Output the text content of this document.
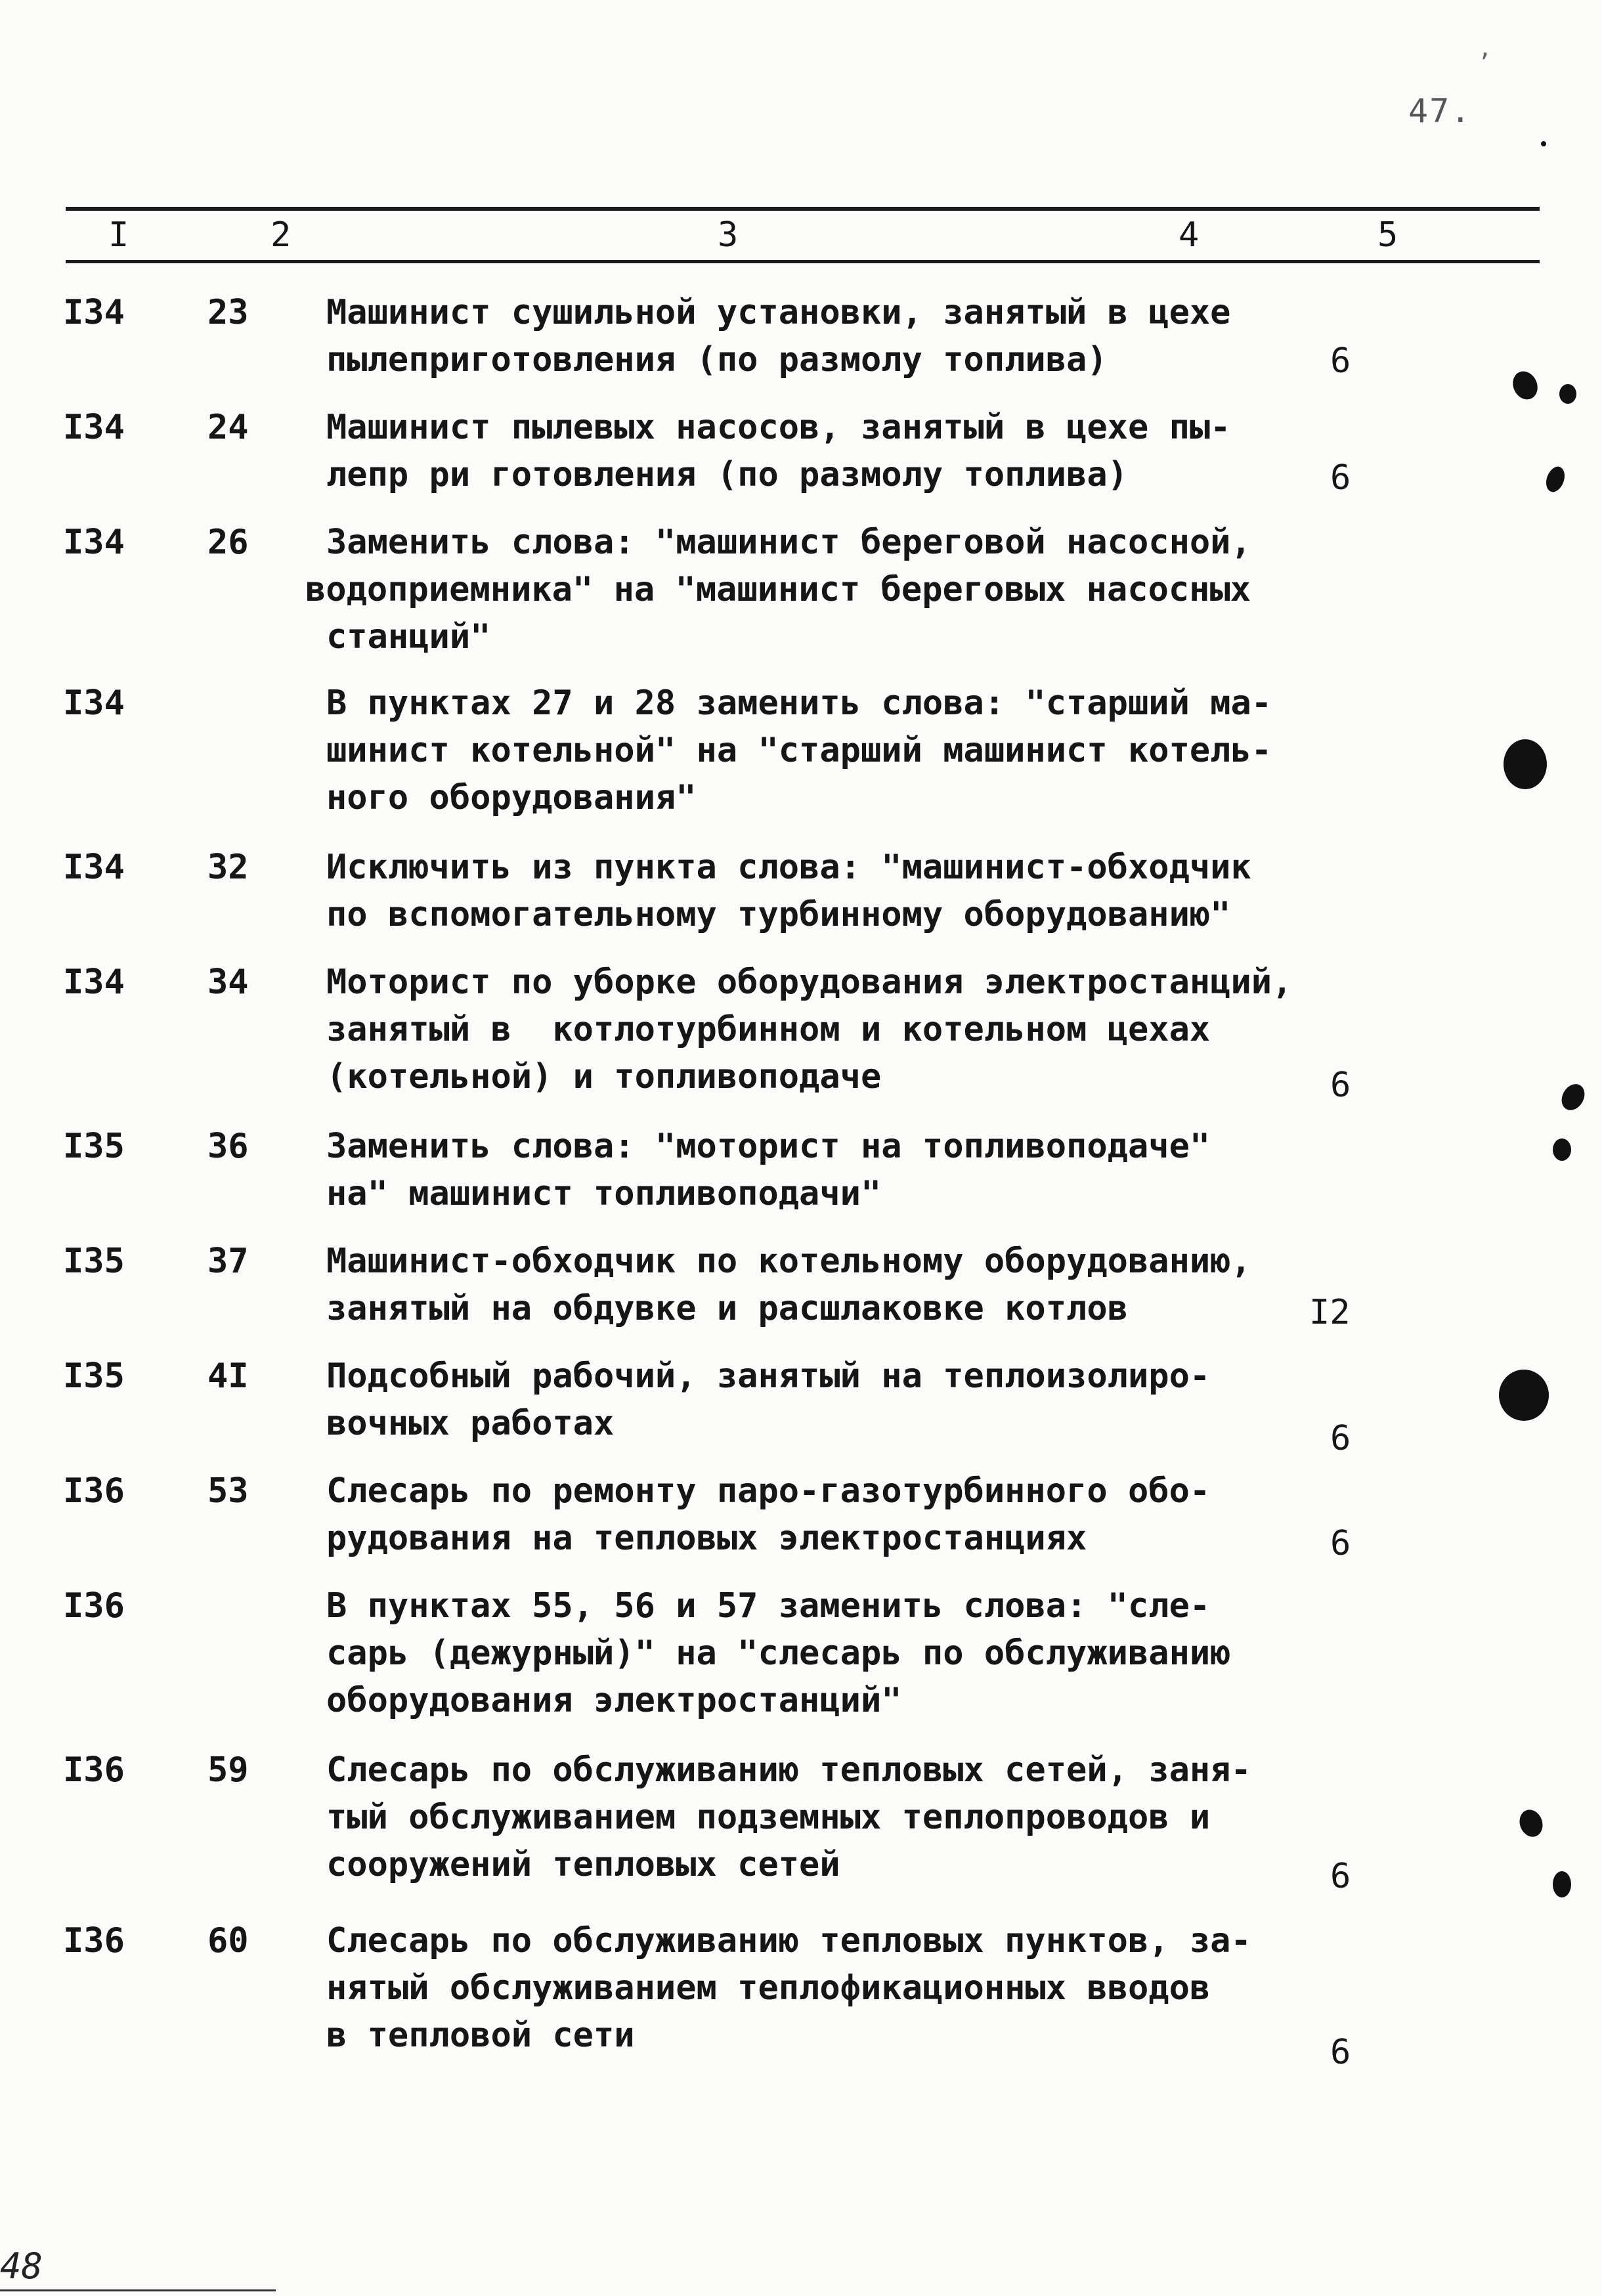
47.
I	2	3	4	5
I34 23 Машинист сушильной установки, занятый в цехе
пылеприготовления (по размолу топлива)	6
I34 24 Машинист пылевых насосов, занятый в цехе пы-
лепр ри готовления (по размолу топлива)	6
I34 26 Заменить слова: "машинист береговой насосной,
водоприемника" на "машинист береговых насосных
станций"
I34	В пунктах 27 и 28 заменить слова: "старший ма-
шинист котельной" на "старший машинист котель-
ного оборудования"
I34 32 Исключить из пункта слова: "машинист-обходчик
по вспомогательному турбинному оборудованию"
I34 34 Моторист по уборке оборудования электростанций,
занятый в  котлотурбинном и котельном цехах
(котельной) и топливоподаче	6
I35 36 Заменить слова: "моторист на топливоподаче"
на" машинист топливоподачи"
I35 37 Машинист-обходчик по котельному оборудованию,
занятый на обдувке и расшлаковке котлов	I2
I35 4I Подсобный рабочий, занятый на теплоизолиро-
вочных работах	6
I36 53 Слесарь по ремонту паро-газотурбинного обо-
рудования на тепловых электростанциях	6
I36	В пунктах 55, 56 и 57 заменить слова: "сле-
сарь (дежурный)" на "слесарь по обслуживанию
оборудования электростанций"
I36 59 Слесарь по обслуживанию тепловых сетей, заня-
тый обслуживанием подземных теплопроводов и
сооружений тепловых сетей	6
I36 60 Слесарь по обслуживанию тепловых пунктов, за-
нятый обслуживанием теплофикационных вводов
в тепловой сети	6
’
48
